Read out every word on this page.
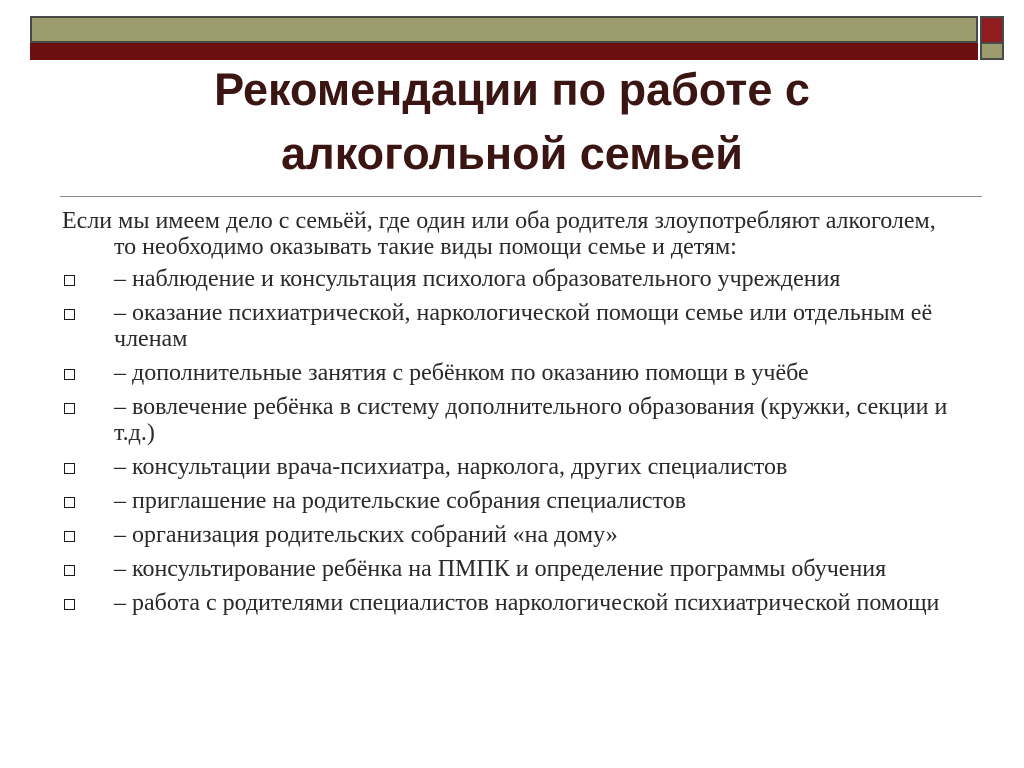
Рекомендации по работе с
алкогольной семьей

Если мы имеем дело с семьёй, где один или оба родителя злоупотребляют алкоголем, то необходимо оказывать такие виды помощи семье и детям:

– наблюдение и консультация психолога образовательного учреждения
– оказание психиатрической, наркологической помощи семье или отдельным её членам
– дополнительные занятия с ребёнком по оказанию помощи в учёбе
– вовлечение ребёнка в систему дополнительного образования (кружки, секции и т.д.)
– консультации врача-психиатра, нарколога, других специалистов
– приглашение на родительские собрания специалистов
– организация родительских собраний «на дому»
– консультирование ребёнка на ПМПК и определение программы обучения
– работа с родителями специалистов наркологической психиатрической помощи
